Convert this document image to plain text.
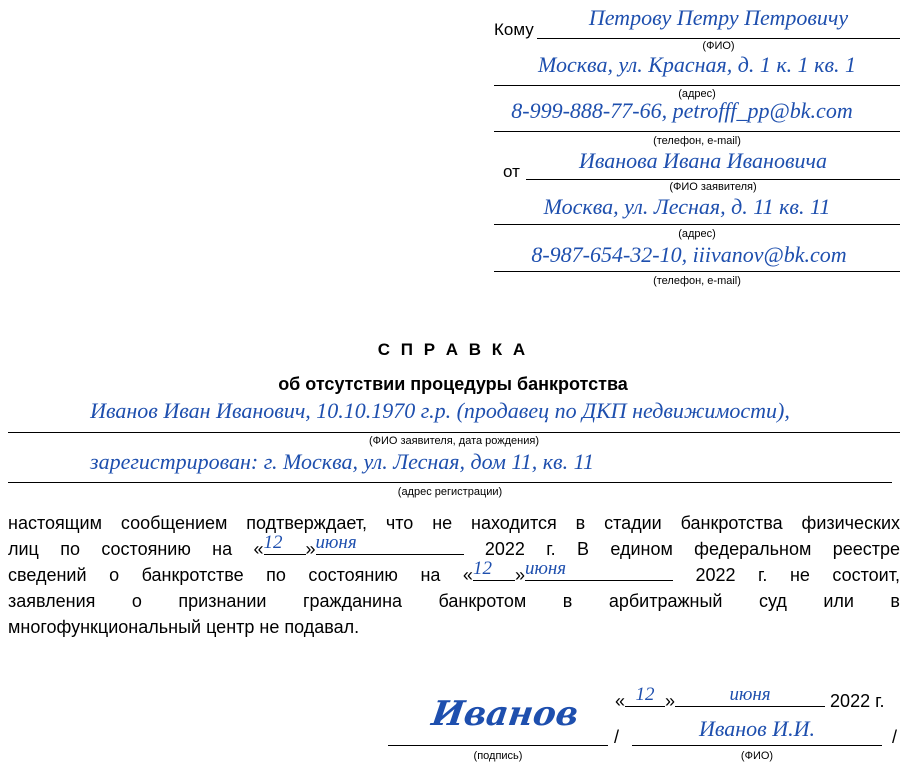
Кому	Петрову Петру Петровичу
(ФИО)
Москва, ул. Красная, д. 1 к. 1 кв. 1
(адрес)
8-999-888-77-66, petrofff_pp@bk.com
(телефон, e-mail)
от	Иванова Ивана Ивановича
(ФИО заявителя)
Москва, ул. Лесная, д. 11 кв. 11
(адрес)
8-987-654-32-10, iiivanov@bk.com
(телефон, e-mail)
С П Р А В К А
об отсутствии процедуры банкротства
Иванов Иван Иванович, 10.10.1970 г.р. (продавец по ДКП недвижимости),
(ФИО заявителя, дата рождения)
зарегистрирован: г. Москва, ул. Лесная, дом 11, кв. 11
(адрес регистрации)
настоящим сообщением подтверждает, что не находится в стадии банкротства физических
лиц по состоянию на « 12	» июня	2022 г. В едином федеральном реестре
сведений о банкротстве по состоянию на « 12	» июня	2022 г. не состоит,
заявления о признании гражданина банкротом в арбитражный суд или в
многофункциональный центр не подавал.
« 12 »	июня	2022 г.
Иванов
(подпись)
/	Иванов И.И.
(ФИО)
/
